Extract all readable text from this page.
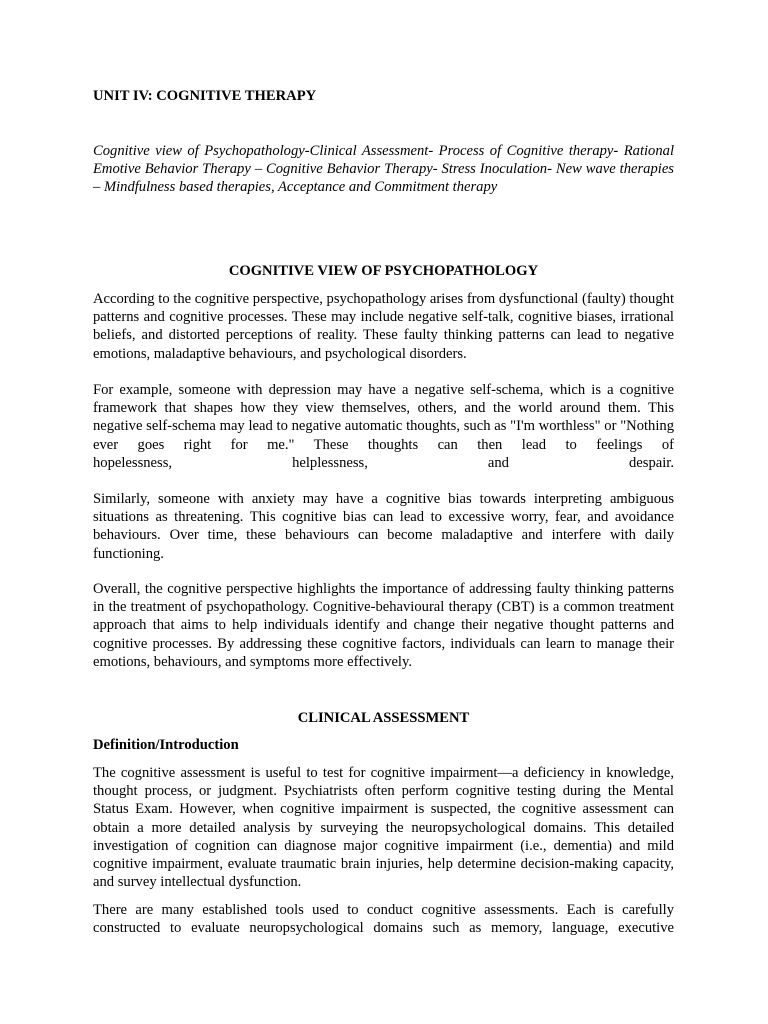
UNIT IV: COGNITIVE THERAPY

Cognitive view of Psychopathology-Clinical Assessment- Process of Cognitive therapy- Rational Emotive Behavior Therapy – Cognitive Behavior Therapy- Stress Inoculation- New wave therapies – Mindfulness based therapies, Acceptance and Commitment therapy

COGNITIVE VIEW OF PSYCHOPATHOLOGY

According to the cognitive perspective, psychopathology arises from dysfunctional (faulty) thought patterns and cognitive processes. These may include negative self-talk, cognitive biases, irrational beliefs, and distorted perceptions of reality. These faulty thinking patterns can lead to negative emotions, maladaptive behaviours, and psychological disorders.

For example, someone with depression may have a negative self-schema, which is a cognitive framework that shapes how they view themselves, others, and the world around them. This negative self-schema may lead to negative automatic thoughts, such as "I'm worthless" or "Nothing ever goes right for me." These thoughts can then lead to feelings of
hopelessness, helplessness, and despair.

Similarly, someone with anxiety may have a cognitive bias towards interpreting ambiguous situations as threatening. This cognitive bias can lead to excessive worry, fear, and avoidance behaviours. Over time, these behaviours can become maladaptive and interfere with daily functioning.

Overall, the cognitive perspective highlights the importance of addressing faulty thinking patterns in the treatment of psychopathology. Cognitive-behavioural therapy (CBT) is a common treatment approach that aims to help individuals identify and change their negative thought patterns and cognitive processes. By addressing these cognitive factors, individuals can learn to manage their emotions, behaviours, and symptoms more effectively.

CLINICAL ASSESSMENT

Definition/Introduction

The cognitive assessment is useful to test for cognitive impairment—a deficiency in knowledge, thought process, or judgment. Psychiatrists often perform cognitive testing during the Mental Status Exam. However, when cognitive impairment is suspected, the cognitive assessment can obtain a more detailed analysis by surveying the neuropsychological domains. This detailed investigation of cognition can diagnose major cognitive impairment (i.e., dementia) and mild cognitive impairment, evaluate traumatic brain injuries, help determine decision-making capacity, and survey intellectual dysfunction.

There are many established tools used to conduct cognitive assessments. Each is carefully constructed to evaluate neuropsychological domains such as memory, language, executive
